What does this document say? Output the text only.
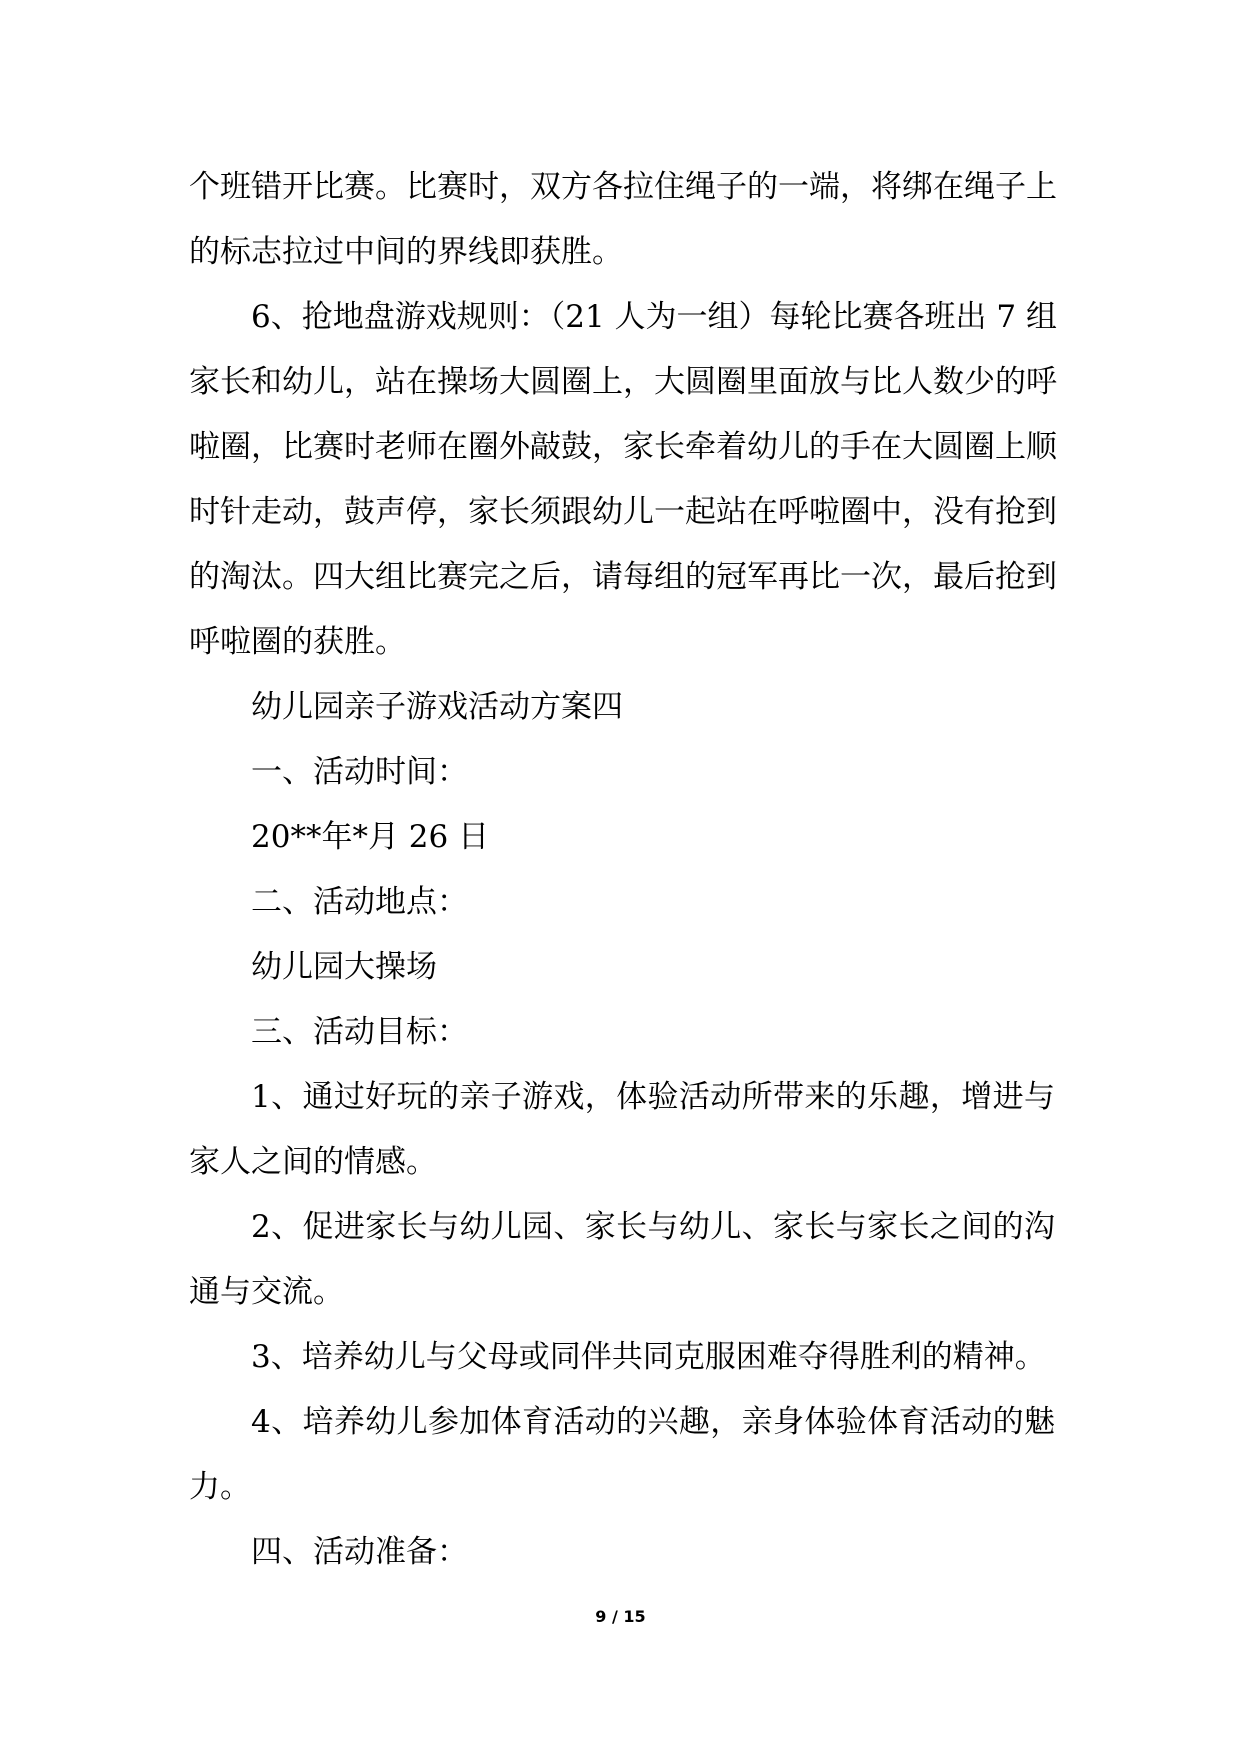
个班错开比赛。比赛时，双方各拉住绳子的一端，将绑在绳子上
的标志拉过中间的界线即获胜。
6、抢地盘游戏规则：（21 人为一组）每轮比赛各班出 7 组
家长和幼儿，站在操场大圆圈上，大圆圈里面放与比人数少的呼
啦圈，比赛时老师在圈外敲鼓，家长牵着幼儿的手在大圆圈上顺
时针走动，鼓声停，家长须跟幼儿一起站在呼啦圈中，没有抢到
的淘汰。四大组比赛完之后，请每组的冠军再比一次，最后抢到
呼啦圈的获胜。
幼儿园亲子游戏活动方案四
一、活动时间：
20**年*月 26 日
二、活动地点：
幼儿园大操场
三、活动目标：
1、通过好玩的亲子游戏，体验活动所带来的乐趣，增进与
家人之间的情感。
2、促进家长与幼儿园、家长与幼儿、家长与家长之间的沟
通与交流。
3、培养幼儿与父母或同伴共同克服困难夺得胜利的精神。
4、培养幼儿参加体育活动的兴趣，亲身体验体育活动的魅
力。
四、活动准备：
9 / 15
